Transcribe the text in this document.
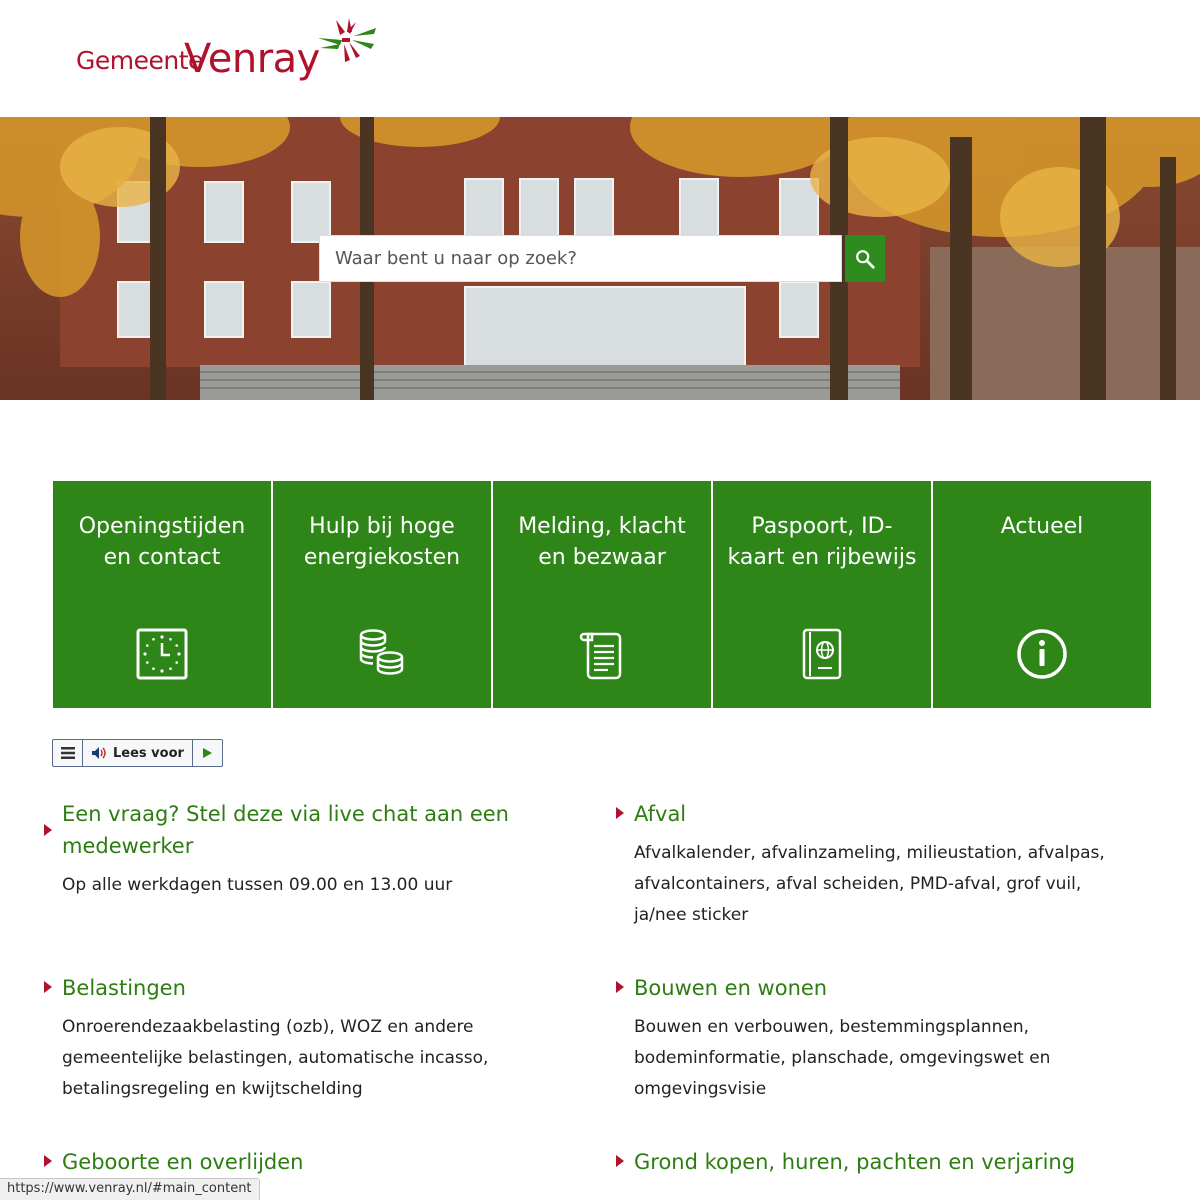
Gemeente
Venray
Waar bent u naar op zoek?
Openingstijden en contact
Hulp bij hoge energiekosten
Melding, klacht en bezwaar
Paspoort, ID-kaart en rijbewijs
Actueel
Lees voor
Een vraag? Stel deze via live chat aan een medewerker

Op alle werkdagen tussen 09.00 en 13.00 uur

Afval

Afvalkalender, afvalinzameling, milieustation, afvalpas, afvalcontainers, afval scheiden, PMD-afval, grof vuil, ja/nee sticker

Belastingen

Onroerendezaakbelasting (ozb), WOZ en andere gemeentelijke belastingen, automatische incasso, betalingsregeling en kwijtschelding

Bouwen en wonen

Bouwen en verbouwen, bestemmingsplannen, bodeminformatie, planschade, omgevingswet en omgevingsvisie

Geboorte en overlijden	Grond kopen, huren, pachten en verjaring
https://www.venray.nl/#main_content
